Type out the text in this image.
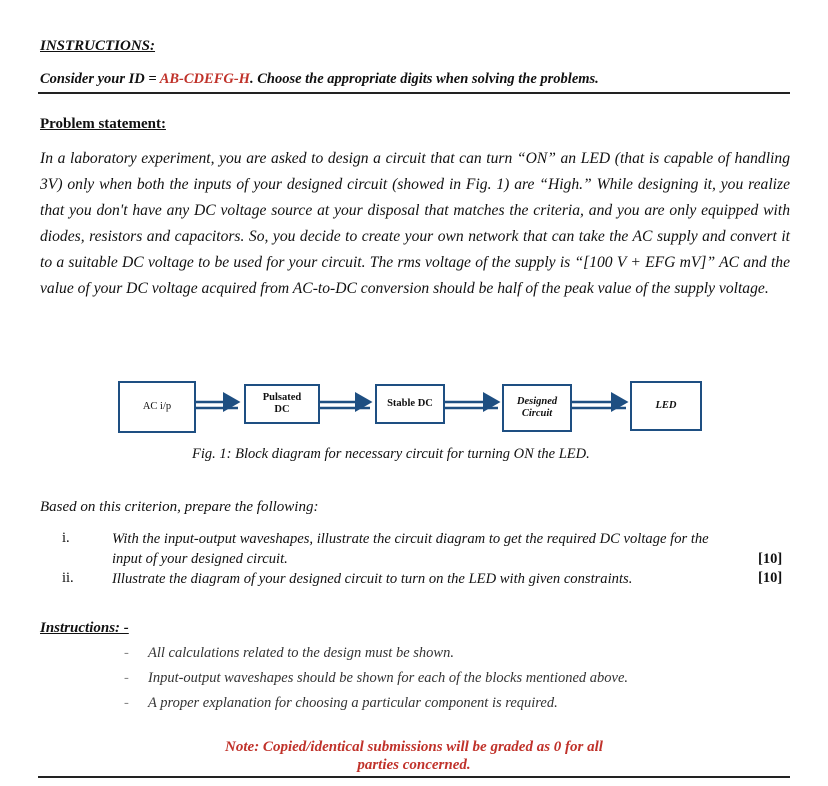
INSTRUCTIONS:
Consider your ID = AB-CDEFG-H. Choose the appropriate digits when solving the problems.
Problem statement:
In a laboratory experiment, you are asked to design a circuit that can turn “ON” an LED (that is capable of handling 3V) only when both the inputs of your designed circuit (showed in Fig. 1) are “High.” While designing it, you realize that you don't have any DC voltage source at your disposal that matches the criteria, and you are only equipped with diodes, resistors and capacitors. So, you decide to create your own network that can take the AC supply and convert it to a suitable DC voltage to be used for your circuit. The rms voltage of the supply is “[100 V + EFG mV]” AC and the value of your DC voltage acquired from AC-to-DC conversion should be half of the peak value of the supply voltage.
AC i/p
Pulsated DC
Stable DC	Designed Circuit
LED
Fig. 1: Block diagram for necessary circuit for turning ON the LED.
Based on this criterion, prepare the following:
i.	With the input-output waveshapes, illustrate the circuit diagram to get the required DC voltage for the
input of your designed circuit.	[10]
ii.	Illustrate the diagram of your designed circuit to turn on the LED with given constraints.	[10]
Instructions: -
- All calculations related to the design must be shown.
- Input-output waveshapes should be shown for each of the blocks mentioned above.
- A proper explanation for choosing a particular component is required.
Note: Copied/identical submissions will be graded as 0 for all
parties concerned.
